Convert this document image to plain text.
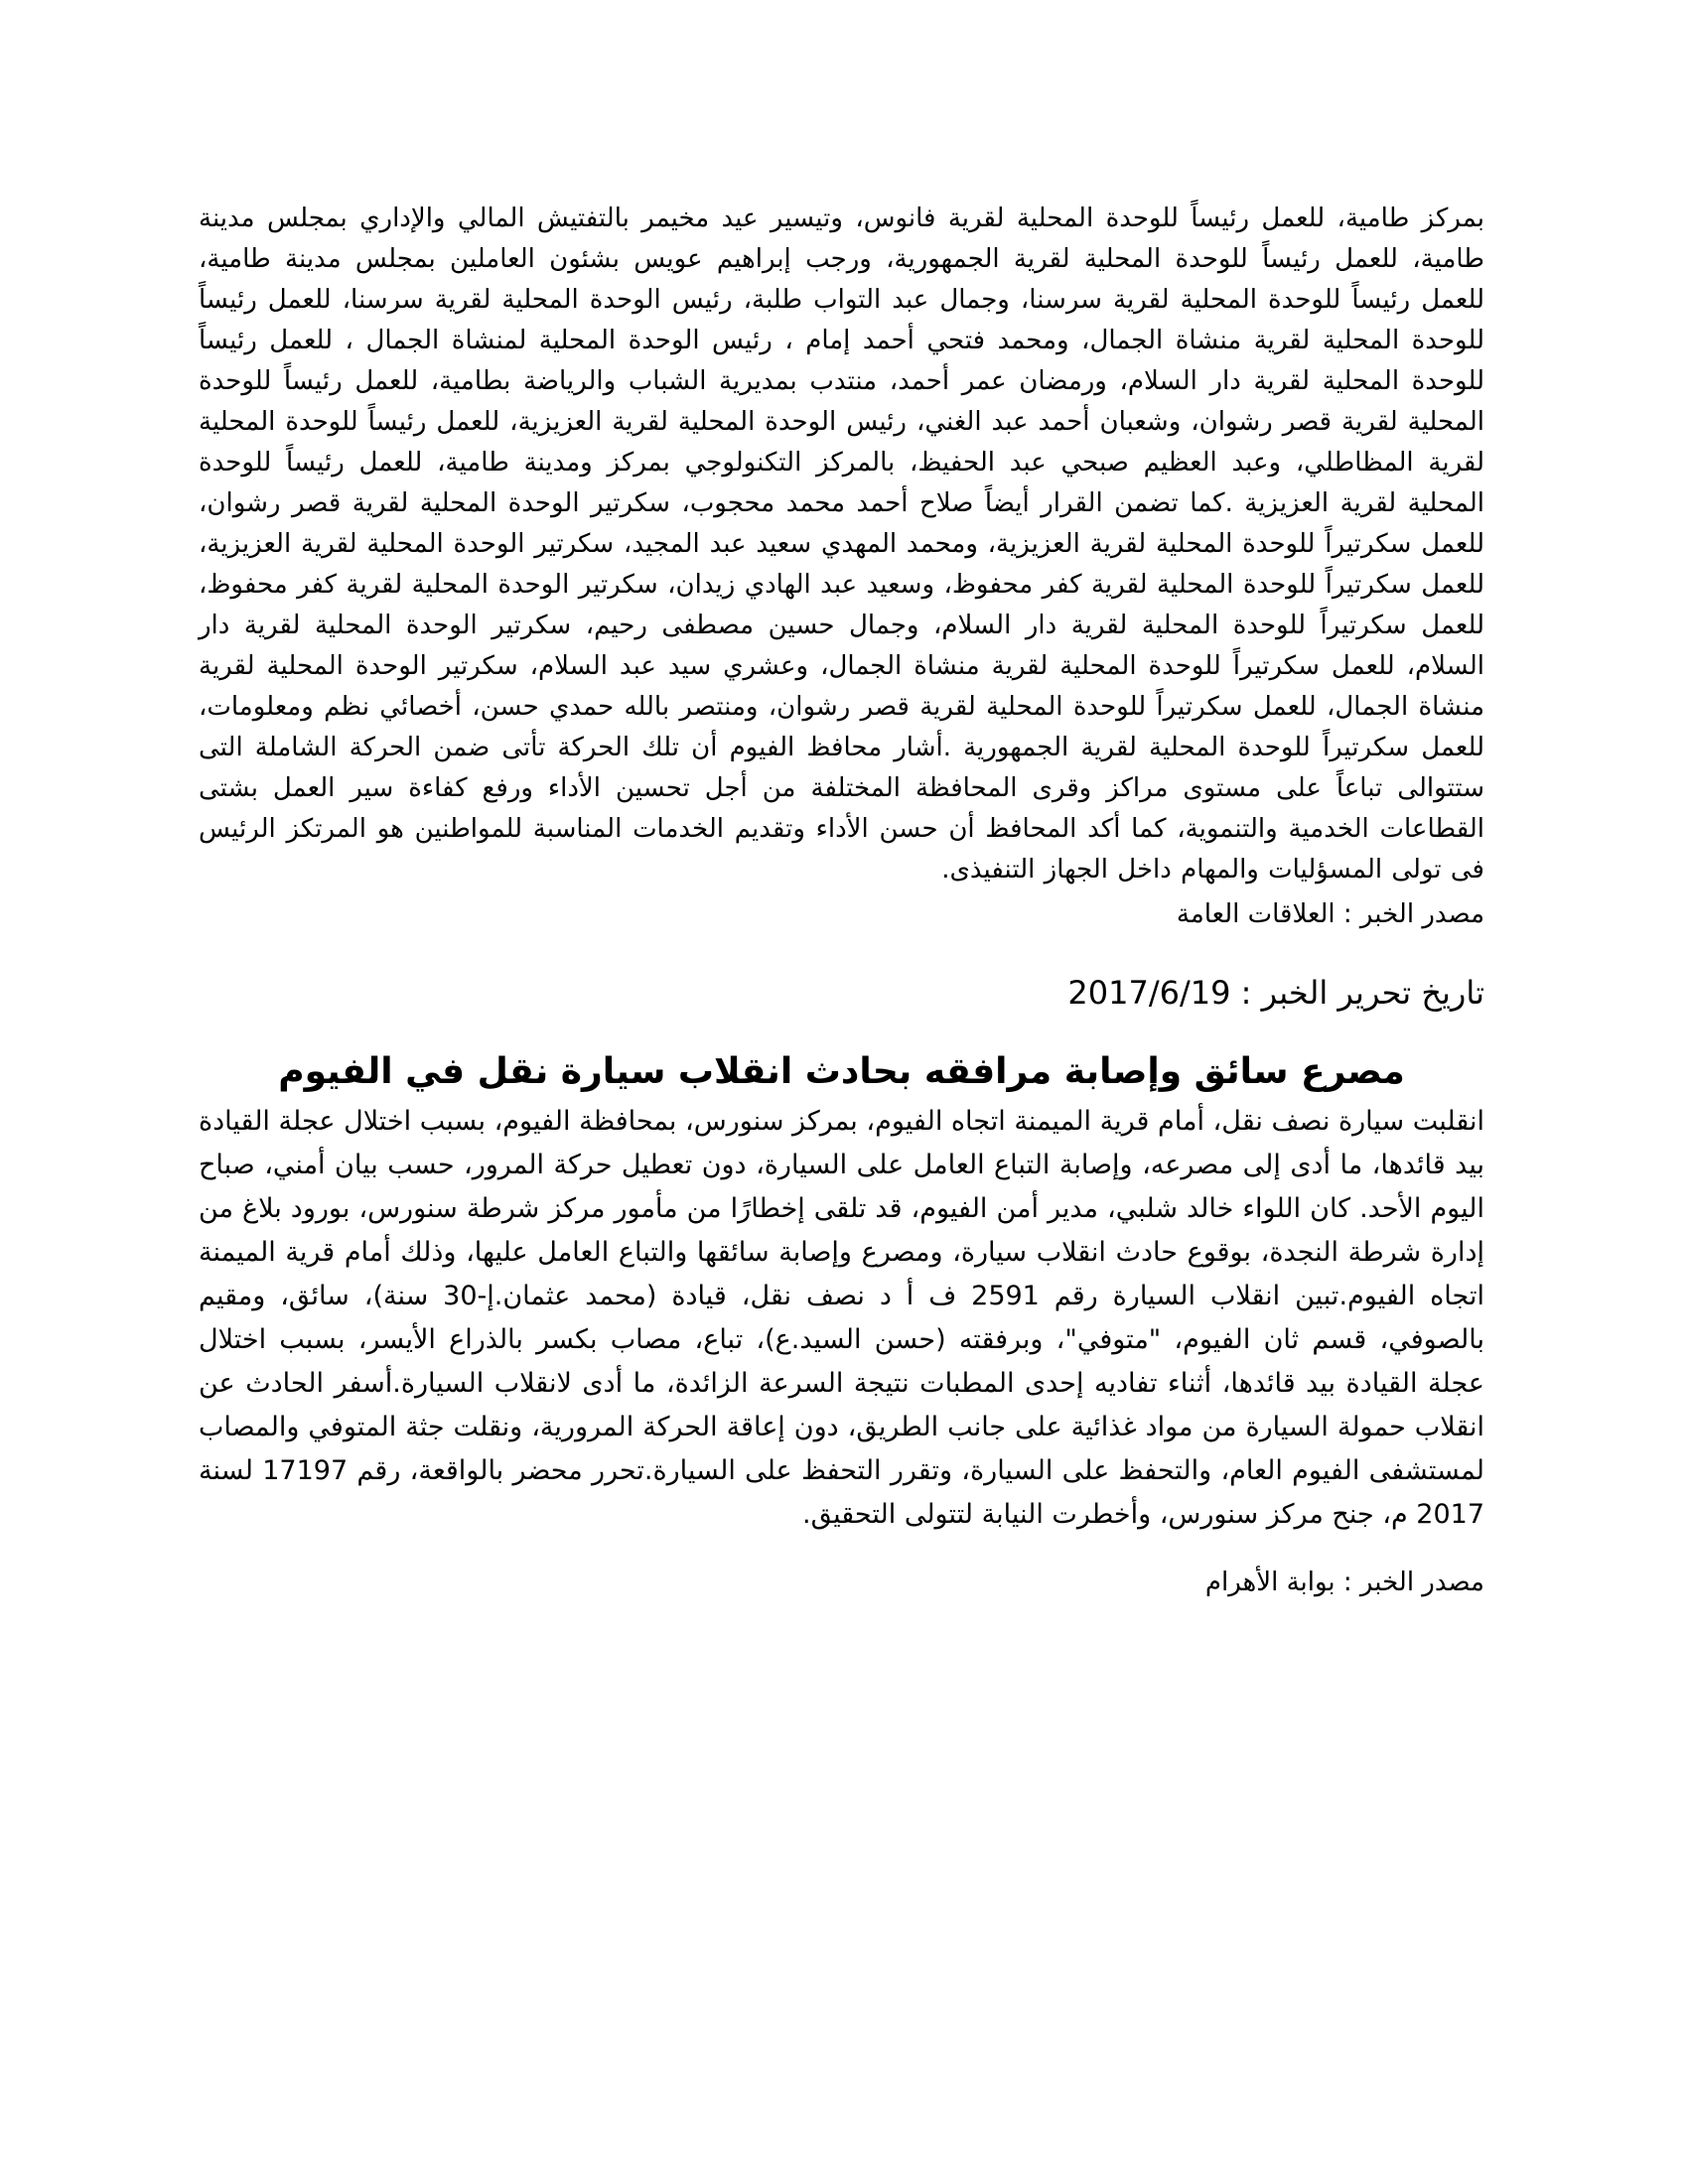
بمركز طامية، للعمل رئيساً للوحدة المحلية لقرية فانوس، وتيسير عيد مخيمر بالتفتيش المالي والإداري بمجلس مدينة طامية، للعمل رئيساً للوحدة المحلية لقرية الجمهورية، ورجب إبراهيم عويس بشئون العاملين بمجلس مدينة طامية، للعمل رئيساً للوحدة المحلية لقرية سرسنا، وجمال عبد التواب طلبة، رئيس الوحدة المحلية لقرية سرسنا، للعمل رئيساً للوحدة المحلية لقرية منشاة الجمال، ومحمد فتحي أحمد إمام ، رئيس الوحدة المحلية لمنشاة الجمال ، للعمل رئيساً للوحدة المحلية لقرية دار السلام، ورمضان عمر أحمد، منتدب بمديرية الشباب والرياضة بطامية، للعمل رئيساً للوحدة المحلية لقرية قصر رشوان، وشعبان أحمد عبد الغني، رئيس الوحدة المحلية لقرية العزيزية، للعمل رئيساً للوحدة المحلية لقرية المظاطلي، وعبد العظيم صبحي عبد الحفيظ، بالمركز التكنولوجي بمركز ومدينة طامية، للعمل رئيساً للوحدة المحلية لقرية العزيزية .كما تضمن القرار أيضاً صلاح أحمد محمد محجوب، سكرتير الوحدة المحلية لقرية قصر رشوان، للعمل سكرتيراً للوحدة المحلية لقرية العزيزية، ومحمد المهدي سعيد عبد المجيد، سكرتير الوحدة المحلية لقرية العزيزية، للعمل سكرتيراً للوحدة المحلية لقرية كفر محفوظ، وسعيد عبد الهادي زيدان، سكرتير الوحدة المحلية لقرية كفر محفوظ، للعمل سكرتيراً للوحدة المحلية لقرية دار السلام، وجمال حسين مصطفى رحيم، سكرتير الوحدة المحلية لقرية دار السلام، للعمل سكرتيراً للوحدة المحلية لقرية منشاة الجمال، وعشري سيد عبد السلام، سكرتير الوحدة المحلية لقرية منشاة الجمال، للعمل سكرتيراً للوحدة المحلية لقرية قصر رشوان، ومنتصر بالله حمدي حسن، أخصائي نظم ومعلومات، للعمل سكرتيراً للوحدة المحلية لقرية الجمهورية .أشار محافظ الفيوم أن تلك الحركة تأتى ضمن الحركة الشاملة التى ستتوالى تباعاً على مستوى مراكز وقرى المحافظة المختلفة من أجل تحسين الأداء ورفع كفاءة سير العمل بشتى القطاعات الخدمية والتنموية، كما أكد المحافظ أن حسن الأداء وتقديم الخدمات المناسبة للمواطنين هو المرتكز الرئيس فى تولى المسؤليات والمهام داخل الجهاز التنفيذى.

مصدر الخبر : العلاقات العامة

تاريخ تحرير الخبر : 2017/6/19

مصرع سائق وإصابة مرافقه بحادث انقلاب سيارة نقل في الفيوم

انقلبت سيارة نصف نقل، أمام قرية الميمنة اتجاه الفيوم، بمركز سنورس، بمحافظة الفيوم، بسبب اختلال عجلة القيادة بيد قائدها، ما أدى إلى مصرعه، وإصابة التباع العامل على السيارة، دون تعطيل حركة المرور، حسب بيان أمني، صباح اليوم الأحد. كان اللواء خالد شلبي، مدير أمن الفيوم، قد تلقى إخطارًا من مأمور مركز شرطة سنورس، بورود بلاغ من إدارة شرطة النجدة، بوقوع حادث انقلاب سيارة، ومصرع وإصابة سائقها والتباع العامل عليها، وذلك أمام قرية الميمنة اتجاه الفيوم.تبين انقلاب السيارة رقم 2591 ف أ د نصف نقل، قيادة (محمد عثمان.إ-30 سنة)، سائق، ومقيم بالصوفي، قسم ثان الفيوم، "متوفي"، وبرفقته (حسن السيد.ع)، تباع، مصاب بكسر بالذراع الأيسر، بسبب اختلال عجلة القيادة بيد قائدها، أثناء تفاديه إحدى المطبات نتيجة السرعة الزائدة، ما أدى لانقلاب السيارة.أسفر الحادث عن انقلاب حمولة السيارة من مواد غذائية على جانب الطريق، دون إعاقة الحركة المرورية، ونقلت جثة المتوفي والمصاب لمستشفى الفيوم العام، والتحفظ على السيارة، وتقرر التحفظ على السيارة.تحرر محضر بالواقعة، رقم 17197 لسنة 2017 م، جنح مركز سنورس، وأخطرت النيابة لتتولى التحقيق.

مصدر الخبر : بوابة الأهرام
